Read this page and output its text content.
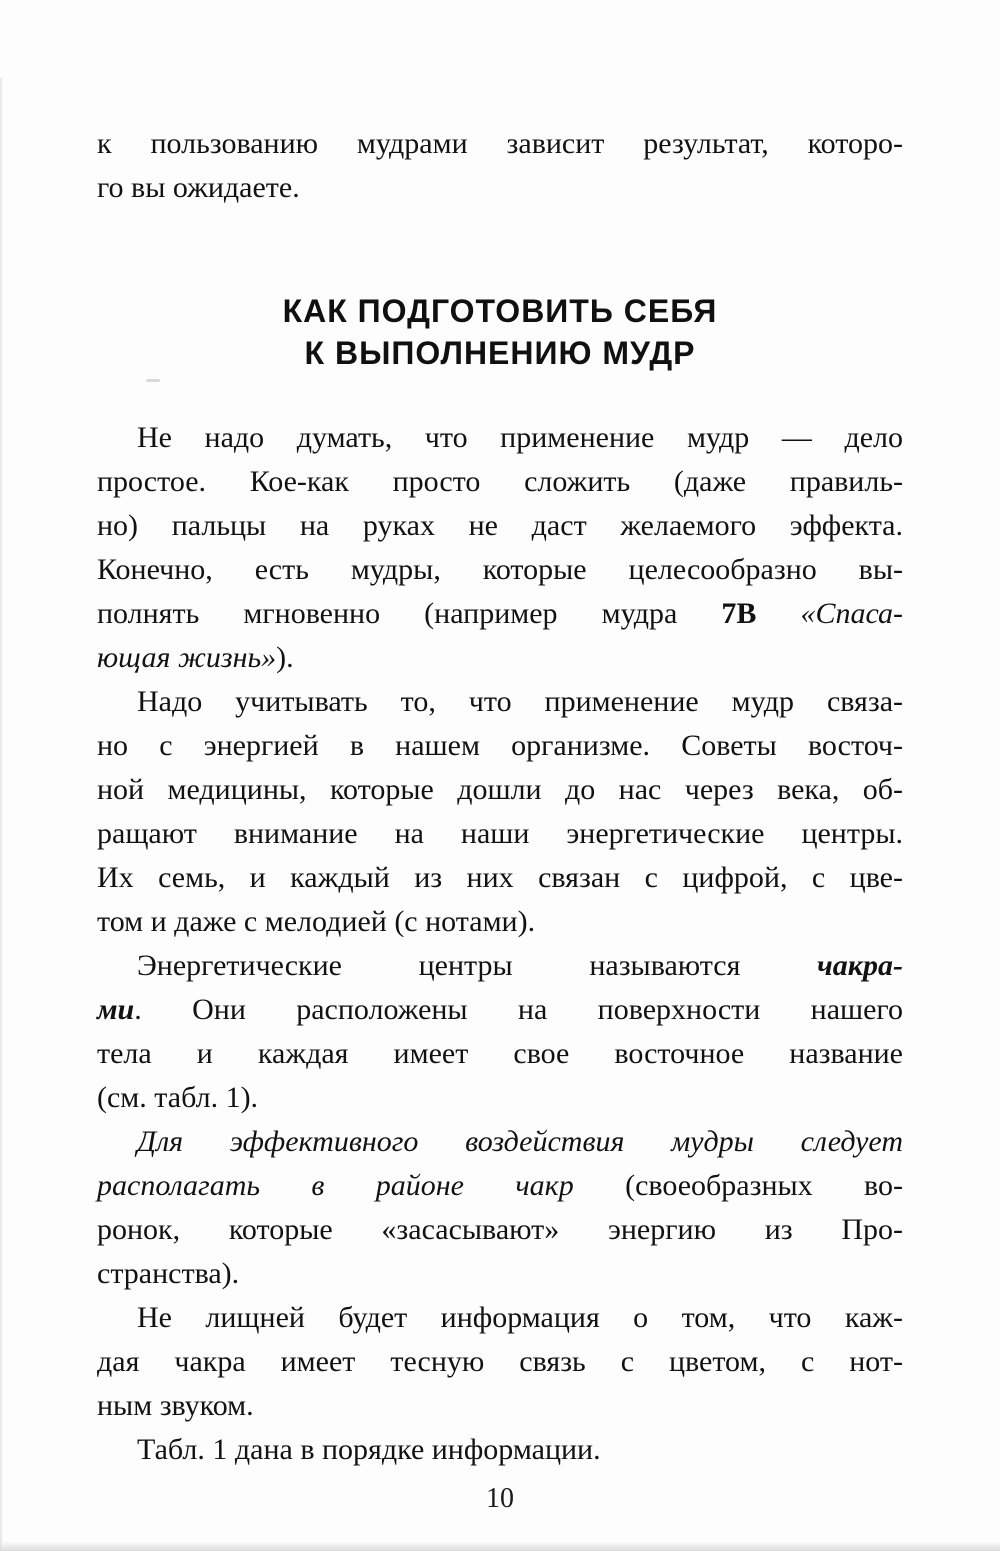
к пользованию мудрами зависит результат, которо-
го вы ожидаете.
КАК ПОДГОТОВИТЬ СЕБЯ
К ВЫПОЛНЕНИЮ МУДР
Не надо думать, что применение мудр — дело
простое. Кое-как просто сложить (даже правиль-
но) пальцы на руках не даст желаемого эффекта.
Конечно, есть мудры, которые целесообразно вы-
полнять мгновенно (например мудра 7В «Спаса-
ющая жизнь»).
Надо учитывать то, что применение мудр связа-
но с энергией в нашем организме. Советы восточ-
ной медицины, которые дошли до нас через века, об-
ращают внимание на наши энергетические центры.
Их семь, и каждый из них связан с цифрой, с цве-
том и даже с мелодией (с нотами).
Энергетические центры называются чакра-
ми. Они расположены на поверхности нашего
тела и каждая имеет свое восточное название
(см. табл. 1).
Для эффективного воздействия мудры следует
располагать в районе чакр (своеобразных во-
ронок, которые «засасывают» энергию из Про-
странства).
Не лищней будет информация о том, что каж-
дая чакра имеет тесную связь с цветом, с нот-
ным звуком.
Табл. 1 дана в порядке информации.
10
